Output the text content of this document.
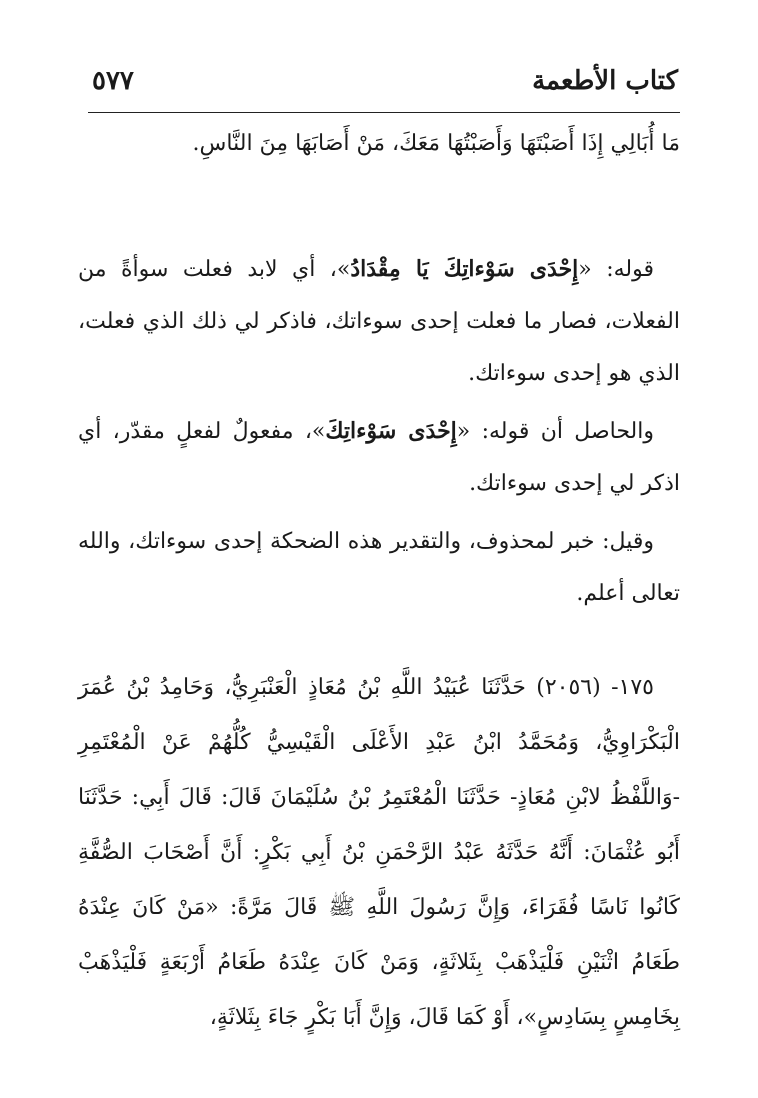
كتاب الأطعمة
٥٧٧

مَا أُبَالِي إِذَا أَصَبْتَهَا وَأَصَبْتُهَا مَعَكَ، مَنْ أَصَابَهَا مِنَ النَّاسِ.

قوله: «إِحْدَى سَوْءاتِكَ يَا مِقْدَادُ»، أي لابد فعلت سوأةً من الفعلات، فصار ما فعلت إحدى سوءاتك، فاذكر لي ذلك الذي فعلت، الذي هو إحدى سوءاتك.

والحاصل أن قوله: «إِحْدَى سَوْءاتِكَ»، مفعولٌ لفعلٍ مقدّر، أي اذكر لي إحدى سوءاتك.

وقيل: خبر لمحذوف، والتقدير هذه الضحكة إحدى سوءاتك، والله تعالى أعلم.

١٧٥- (٢٠٥٦) حَدَّثَنَا عُبَيْدُ اللَّهِ بْنُ مُعَاذٍ الْعَنْبَرِيُّ، وَحَامِدُ بْنُ عُمَرَ الْبَكْرَاوِيُّ، وَمُحَمَّدُ ابْنُ عَبْدِ الأَعْلَى الْقَيْسِيُّ كُلُّهُمْ عَنْ الْمُعْتَمِرِ -وَاللَّفْظُ لابْنِ مُعَاذٍ- حَدَّثَنَا الْمُعْتَمِرُ بْنُ سُلَيْمَانَ قَالَ: قَالَ أَبِي: حَدَّثَنَا أَبُو عُثْمَانَ: أَنَّهُ حَدَّثَهُ عَبْدُ الرَّحْمَنِ بْنُ أَبِي بَكْرٍ: أَنَّ أَصْحَابَ الصُّفَّةِ كَانُوا نَاسًا فُقَرَاءَ، وَإِنَّ رَسُولَ اللَّهِ ﷺ قَالَ مَرَّةً: «مَنْ كَانَ عِنْدَهُ طَعَامُ اثْنَيْنِ فَلْيَذْهَبْ بِثَلاثَةٍ، وَمَنْ كَانَ عِنْدَهُ طَعَامُ أَرْبَعَةٍ فَلْيَذْهَبْ بِخَامِسٍ بِسَادِسٍ»، أَوْ كَمَا قَالَ، وَإِنَّ أَبَا بَكْرٍ جَاءَ بِثَلاثَةٍ،
